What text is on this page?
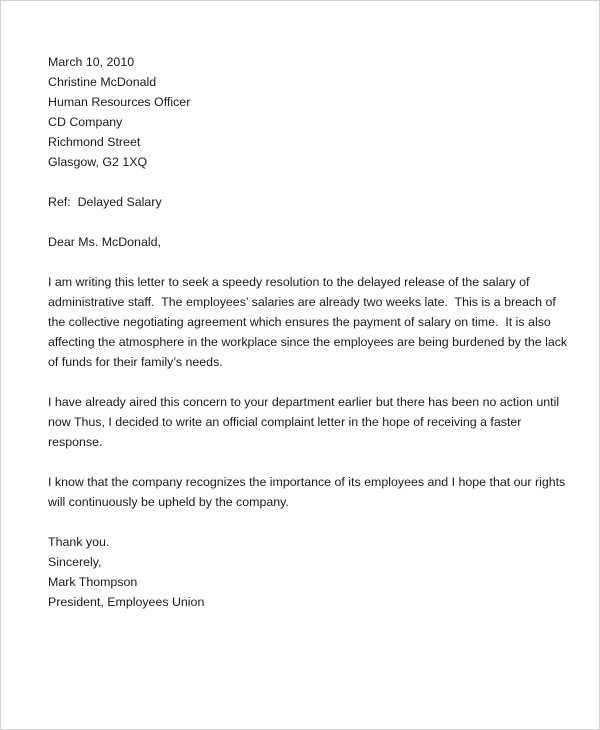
March 10, 2010
Christine McDonald
Human Resources Officer
CD Company
Richmond Street
Glasgow, G2 1XQ
Ref:  Delayed Salary
Dear Ms. McDonald,
I am writing this letter to seek a speedy resolution to the delayed release of the salary of
administrative staff.  The employees’ salaries are already two weeks late.  This is a breach of
the collective negotiating agreement which ensures the payment of salary on time.  It is also
affecting the atmosphere in the workplace since the employees are being burdened by the lack
of funds for their family’s needs.
I have already aired this concern to your department earlier but there has been no action until
now Thus, I decided to write an official complaint letter in the hope of receiving a faster
response.
I know that the company recognizes the importance of its employees and I hope that our rights
will continuously be upheld by the company.
Thank you.
Sincerely,
Mark Thompson
President, Employees Union
